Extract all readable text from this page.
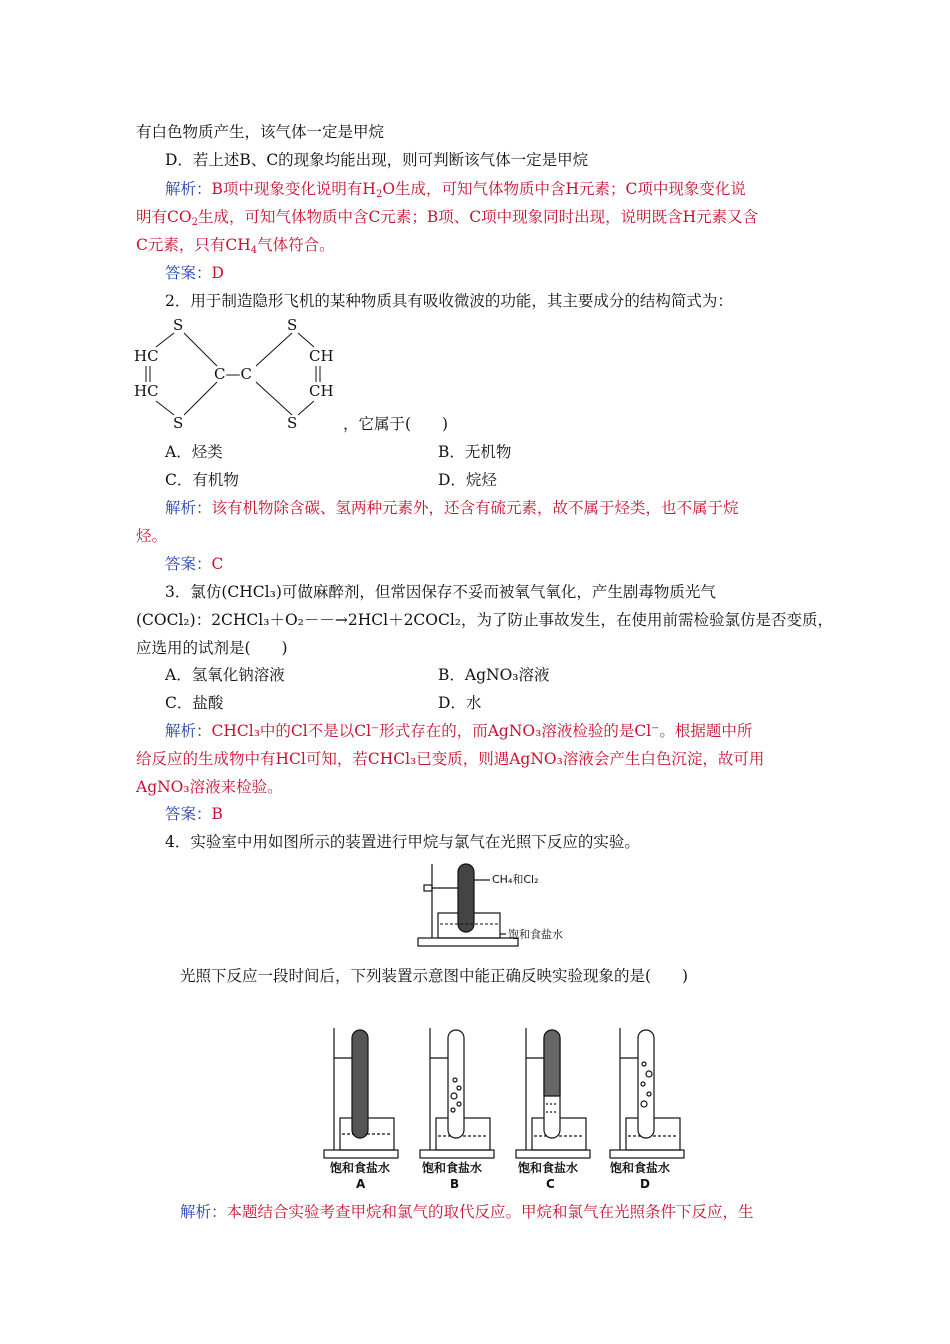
有白色物质产生，该气体一定是甲烷
D．若上述B、C的现象均能出现，则可判断该气体一定是甲烷
解析：B项中现象变化说明有$H_2O$生成，可知气体物质中含H元素；C项中现象变化说
明有$CO_2$生成，可知气体物质中含C元素；B项、C项中现象同时出现，说明既含H元素又含
C元素，只有$CH_4$气体符合。
答案：D
2．用于制造隐形飞机的某种物质具有吸收微波的功能，其主要成分的结构简式为：
S	S
HC	CH
C—C
HC	CH
S	S	，它属于(　　)
A．烃类	B．无机物
C．有机物	D．烷烃
解析：该有机物除含碳、氢两种元素外，还含有硫元素，故不属于烃类，也不属于烷
烃。
答案：C
3．氯仿(CHCl₃)可做麻醉剂，但常因保存不妥而被氧气氧化，产生剧毒物质光气
(COCl₂)：2CHCl₃＋O₂－－→2HCl＋2COCl₂，为了防止事故发生，在使用前需检验氯仿是否变质，
应选用的试剂是(　　)
A．氢氧化钠溶液	B．AgNO₃溶液
C．盐酸	D．水
解析：CHCl₃中的Cl不是以Cl⁻形式存在的，而AgNO₃溶液检验的是Cl⁻。根据题中所
给反应的生成物中有HCl可知，若CHCl₃已变质，则遇AgNO₃溶液会产生白色沉淀，故可用
AgNO₃溶液来检验。
答案：B
4．实验室中用如图所示的装置进行甲烷与氯气在光照下反应的实验。
CH₄和Cl₂
饱和食盐水
光照下反应一段时间后，下列装置示意图中能正确反映实验现象的是(　　)
饱和食盐水
A
饱和食盐水
B
饱和食盐水
C
饱和食盐水
D
解析：本题结合实验考查甲烷和氯气的取代反应。甲烷和氯气在光照条件下反应，生
